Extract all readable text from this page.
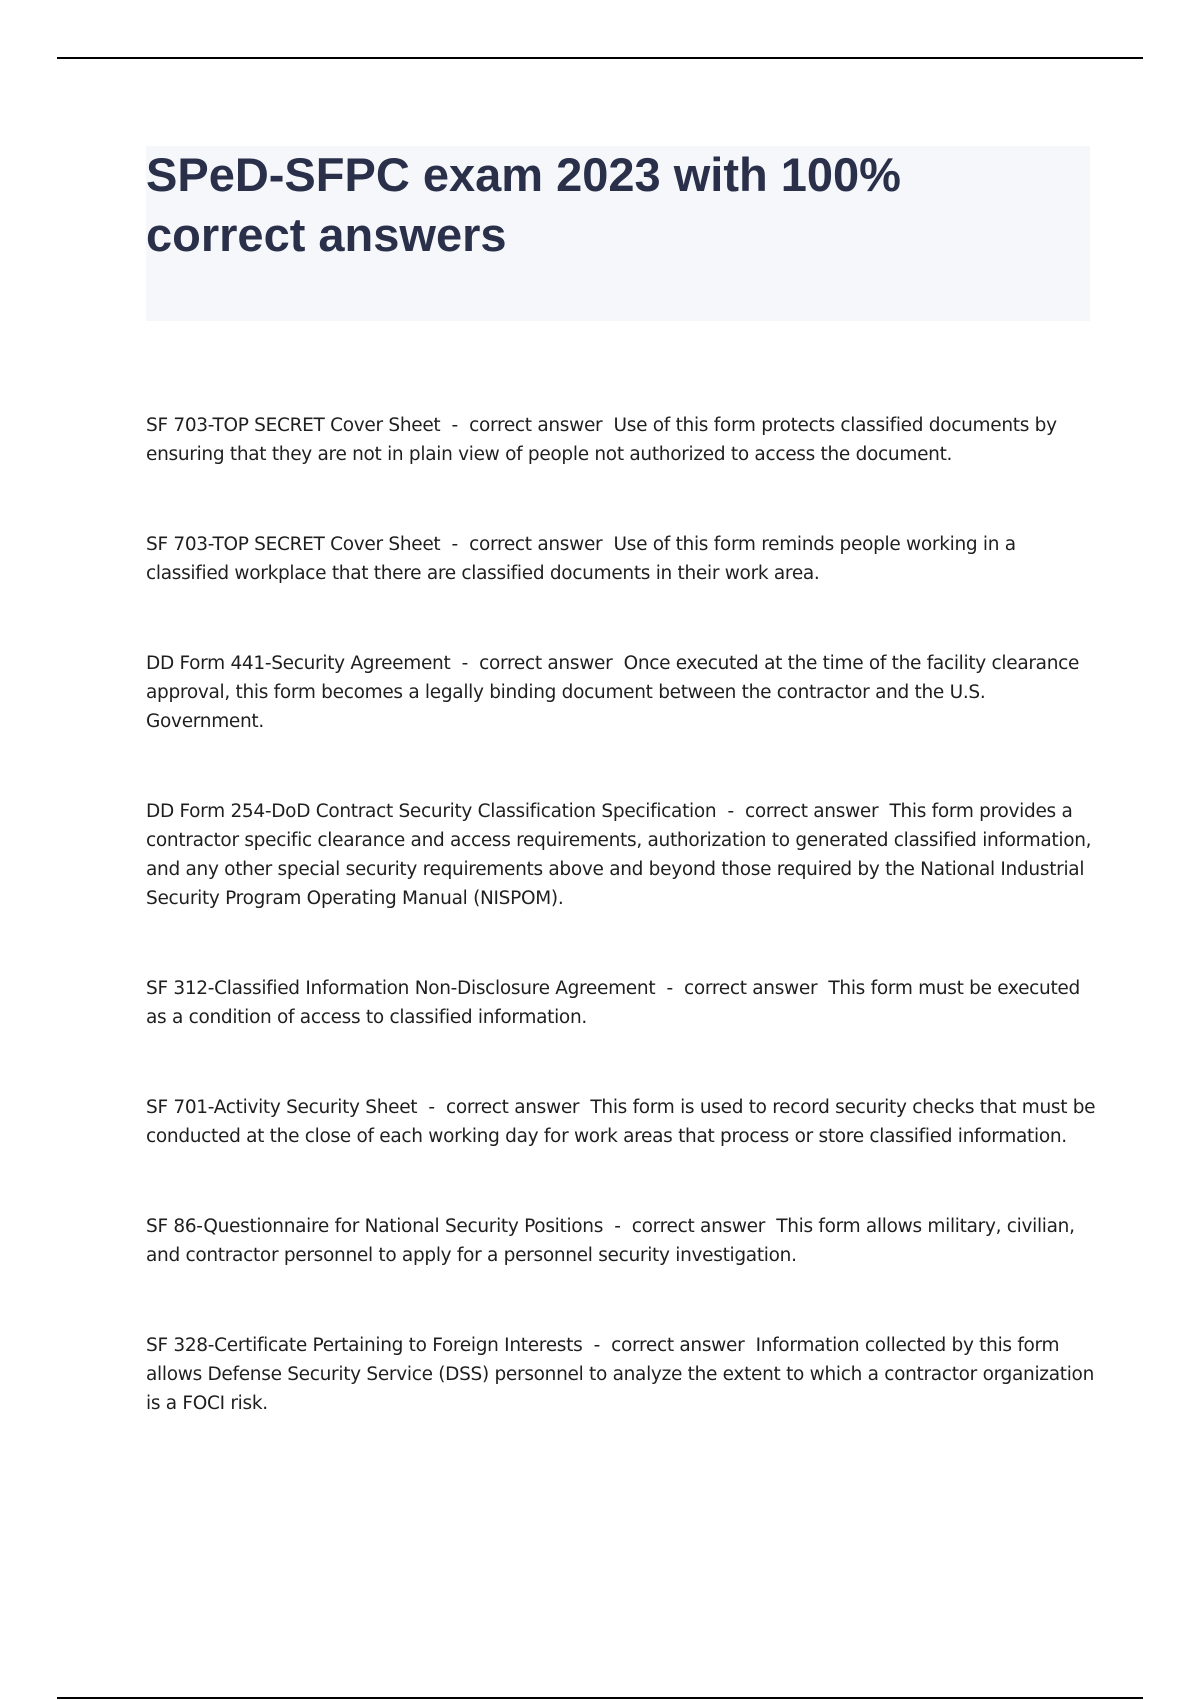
SPeD-SFPC exam 2023 with 100% correct answers

SF 703-TOP SECRET Cover Sheet  -  correct answer  Use of this form protects classified documents by ensuring that they are not in plain view of people not authorized to access the document.

SF 703-TOP SECRET Cover Sheet  -  correct answer  Use of this form reminds people working in a classified workplace that there are classified documents in their work area.

DD Form 441-Security Agreement  -  correct answer  Once executed at the time of the facility clearance approval, this form becomes a legally binding document between the contractor and the U.S. Government.

DD Form 254-DoD Contract Security Classification Specification  -  correct answer  This form provides a contractor specific clearance and access requirements, authorization to generated classified information, and any other special security requirements above and beyond those required by the National Industrial Security Program Operating Manual (NISPOM).

SF 312-Classified Information Non-Disclosure Agreement  -  correct answer  This form must be executed as a condition of access to classified information.

SF 701-Activity Security Sheet  -  correct answer  This form is used to record security checks that must be conducted at the close of each working day for work areas that process or store classified information.

SF 86-Questionnaire for National Security Positions  -  correct answer  This form allows military, civilian, and contractor personnel to apply for a personnel security investigation.

SF 328-Certificate Pertaining to Foreign Interests  -  correct answer  Information collected by this form allows Defense Security Service (DSS) personnel to analyze the extent to which a contractor organization is a FOCI risk.
